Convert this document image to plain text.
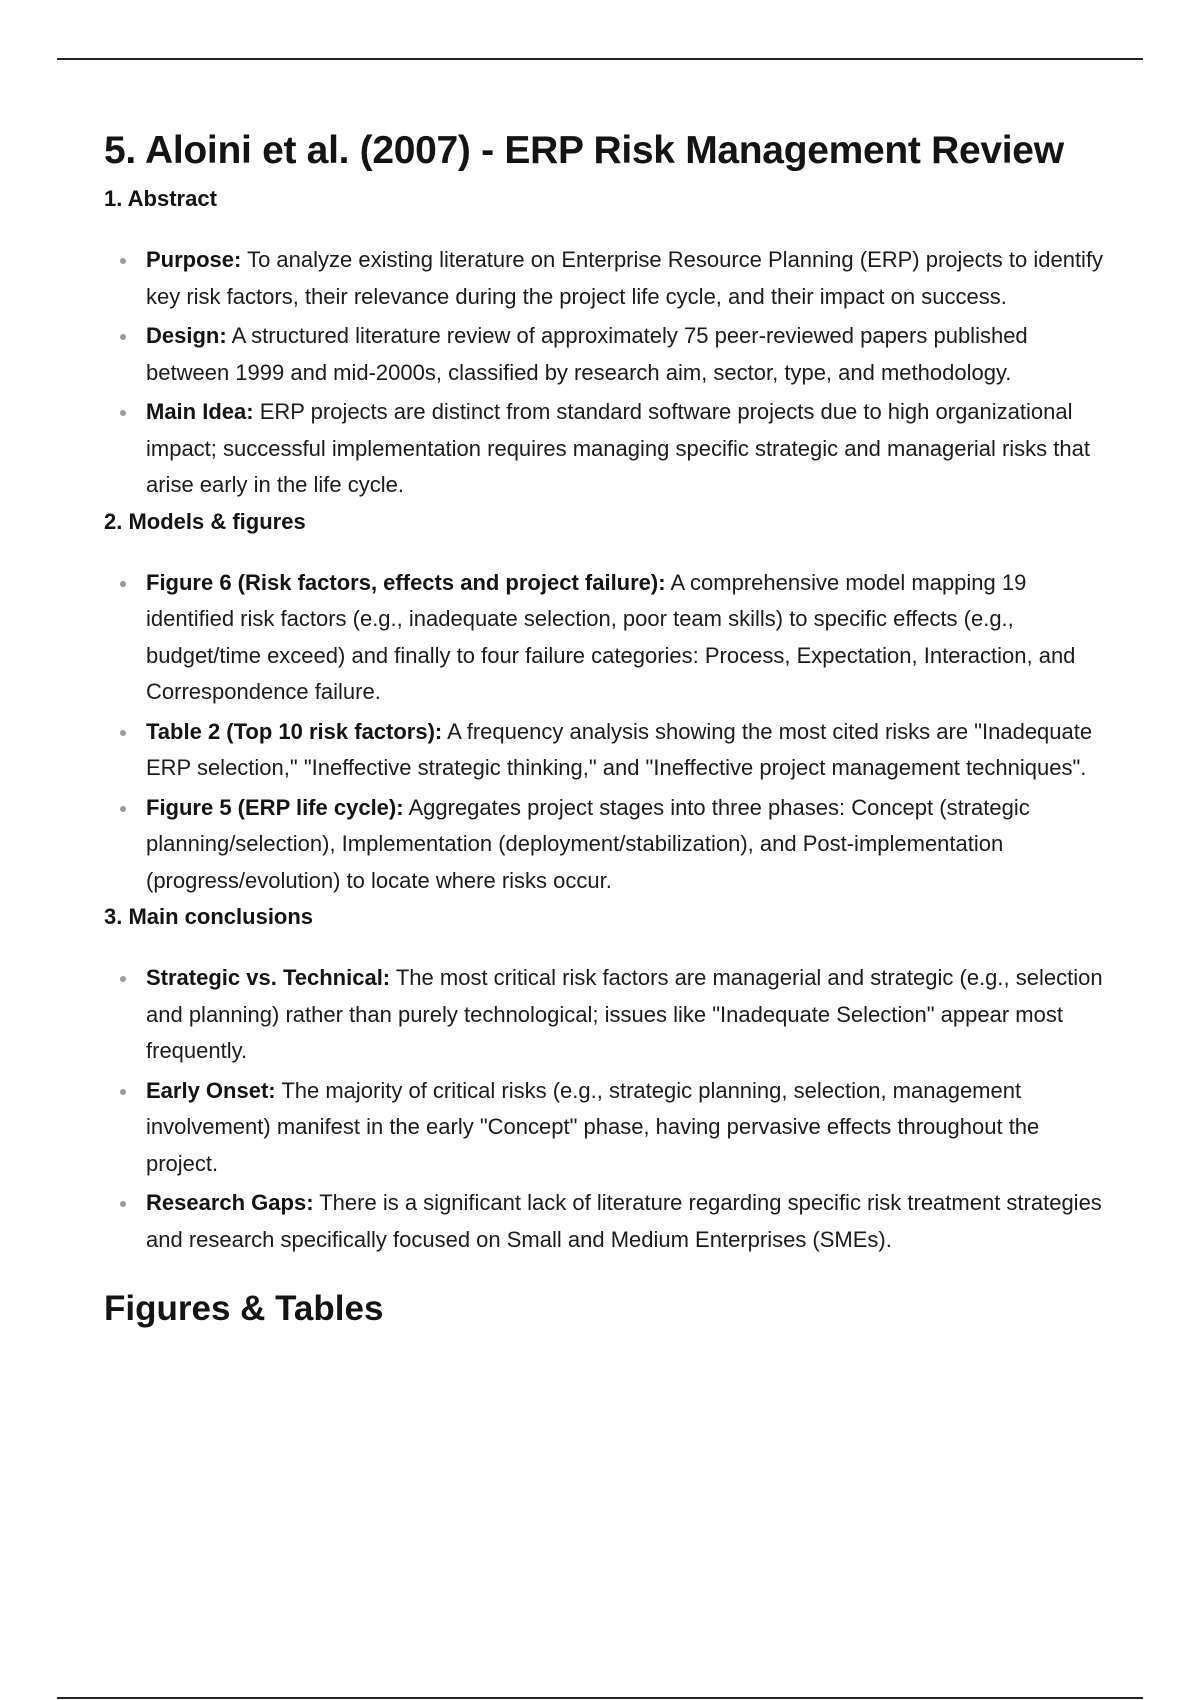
5. Aloini et al. (2007) - ERP Risk Management Review
1. Abstract
Purpose: To analyze existing literature on Enterprise Resource Planning (ERP) projects to identify key risk factors, their relevance during the project life cycle, and their impact on success.
Design: A structured literature review of approximately 75 peer-reviewed papers published between 1999 and mid-2000s, classified by research aim, sector, type, and methodology.
Main Idea: ERP projects are distinct from standard software projects due to high organizational impact; successful implementation requires managing specific strategic and managerial risks that arise early in the life cycle.
2. Models & figures
Figure 6 (Risk factors, effects and project failure): A comprehensive model mapping 19 identified risk factors (e.g., inadequate selection, poor team skills) to specific effects (e.g., budget/time exceed) and finally to four failure categories: Process, Expectation, Interaction, and Correspondence failure.
Table 2 (Top 10 risk factors): A frequency analysis showing the most cited risks are "Inadequate ERP selection," "Ineffective strategic thinking," and "Ineffective project management techniques".
Figure 5 (ERP life cycle): Aggregates project stages into three phases: Concept (strategic planning/selection), Implementation (deployment/stabilization), and Post-implementation (progress/evolution) to locate where risks occur.
3. Main conclusions
Strategic vs. Technical: The most critical risk factors are managerial and strategic (e.g., selection and planning) rather than purely technological; issues like "Inadequate Selection" appear most frequently.
Early Onset: The majority of critical risks (e.g., strategic planning, selection, management involvement) manifest in the early "Concept" phase, having pervasive effects throughout the project.
Research Gaps: There is a significant lack of literature regarding specific risk treatment strategies and research specifically focused on Small and Medium Enterprises (SMEs).
Figures & Tables
